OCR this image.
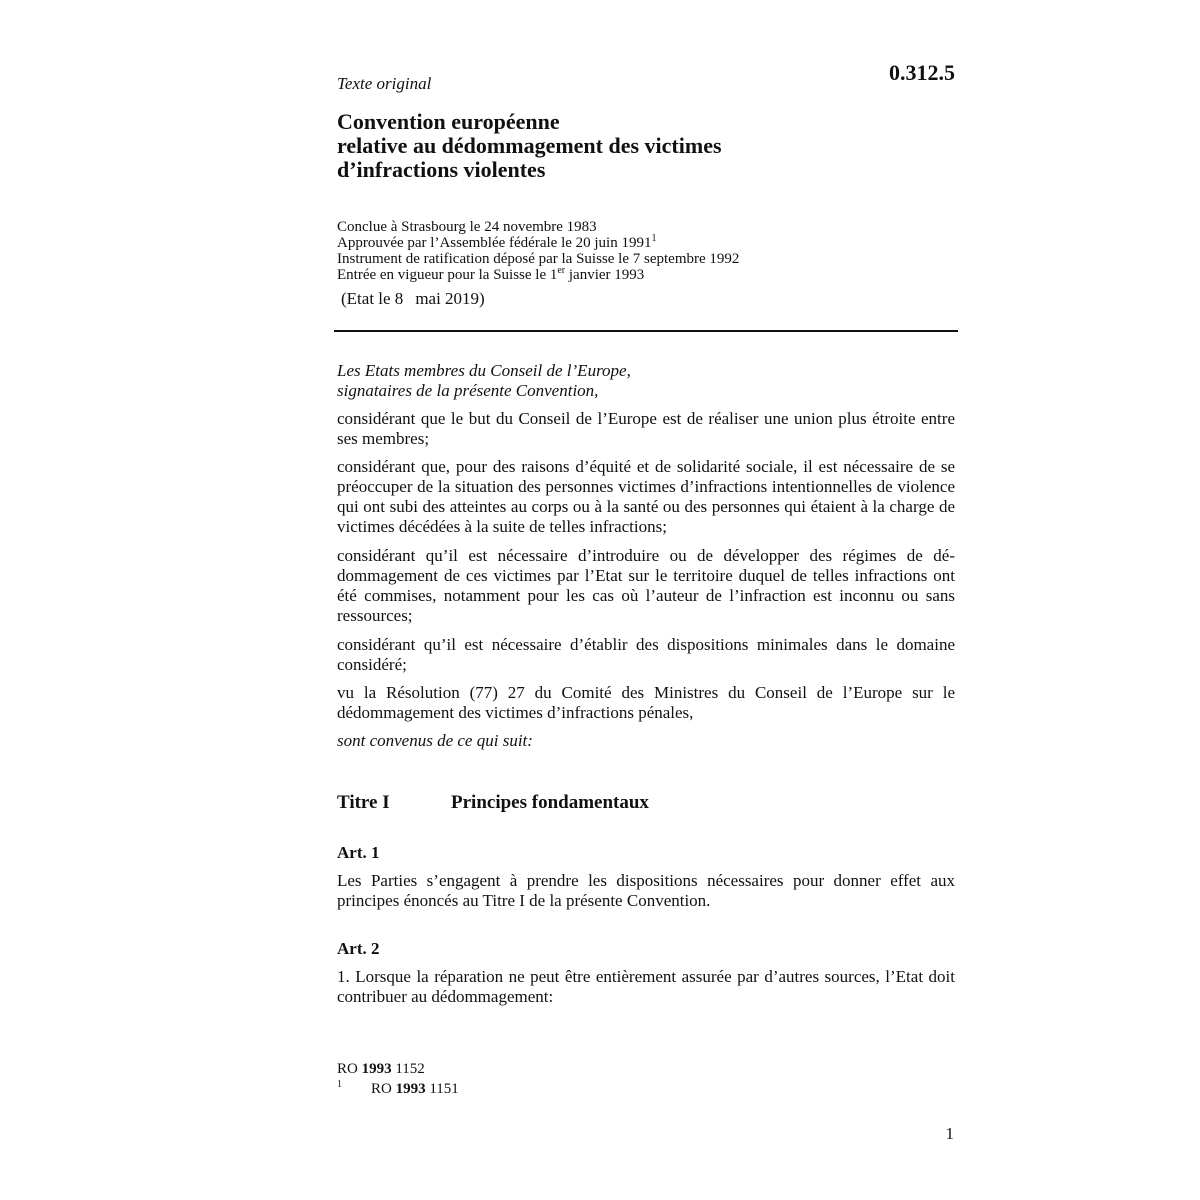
0.312.5
Texte original
Convention européenne
relative au dédommagement des victimes
d’infractions violentes
Conclue à Strasbourg le 24 novembre 1983
Approuvée par l’Assemblée fédérale le 20 juin 1991$^1$
Instrument de ratification déposé par la Suisse le 7 septembre 1992
Entrée en vigueur pour la Suisse le 1er janvier 1993
(Etat le 8 mai 2019)
Les Etats membres du Conseil de l’Europe,
signataires de la présente Convention,

considérant que le but du Conseil de l’Europe est de réaliser une union plus étroite entre ses membres;

considérant que, pour des raisons d’équité et de solidarité sociale, il est nécessaire de se préoccuper de la situation des personnes victimes d’infractions intentionnelles de violence qui ont subi des atteintes au corps ou à la santé ou des personnes qui étaient à la charge de victimes décédées à la suite de telles infractions;

considérant qu’il est nécessaire d’introduire ou de développer des régimes de dédommagement de ces victimes par l’Etat sur le territoire duquel de telles infractions ont été commises, notamment pour les cas où l’auteur de l’infraction est inconnu ou sans ressources;

considérant qu’il est nécessaire d’établir des dispositions minimales dans le domaine considéré;

vu la Résolution (77) 27 du Comité des Ministres du Conseil de l’Europe sur le dédommagement des victimes d’infractions pénales,

sont convenus de ce qui suit:

Titre I	Principes fondamentaux
Art. 1

Les Parties s’engagent à prendre les dispositions nécessaires pour donner effet aux principes énoncés au Titre I de la présente Convention.

Art. 2

1. Lorsque la réparation ne peut être entièrement assurée par d’autres sources, l’Etat doit contribuer au dédommagement:

RO 1993 1152
1 RO 1993 1151
1
